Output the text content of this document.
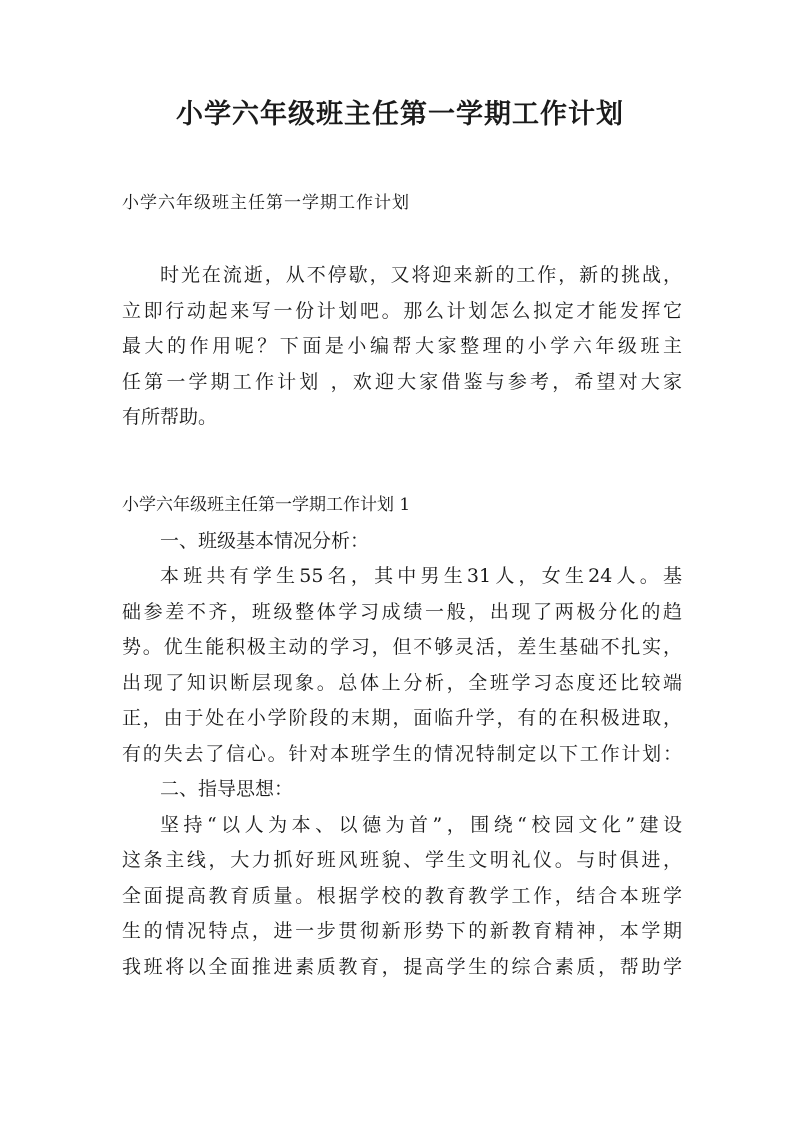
小学六年级班主任第一学期工作计划

小学六年级班主任第一学期工作计划

时光在流逝，从不停歇，又将迎来新的工作，新的挑战，
立即行动起来写一份计划吧。那么计划怎么拟定才能发挥它
最大的作用呢？下面是小编帮大家整理的小学六年级班主
任第一学期工作计划 ，欢迎大家借鉴与参考，希望对大家
有所帮助。
小学六年级班主任第一学期工作计划 1
一、班级基本情况分析：
本班共有学生55名，其中男生31人，女生24人。基
础参差不齐，班级整体学习成绩一般，出现了两极分化的趋
势。优生能积极主动的学习，但不够灵活，差生基础不扎实，
出现了知识断层现象。总体上分析，全班学习态度还比较端
正，由于处在小学阶段的末期，面临升学，有的在积极进取，
有的失去了信心。针对本班学生的情况特制定以下工作计划：
二、指导思想：
坚持“以人为本、以德为首”，围绕“校园文化”建设
这条主线，大力抓好班风班貌、学生文明礼仪。与时俱进，
全面提高教育质量。根据学校的教育教学工作，结合本班学
生的情况特点，进一步贯彻新形势下的新教育精神，本学期
我班将以全面推进素质教育，提高学生的综合素质，帮助学
